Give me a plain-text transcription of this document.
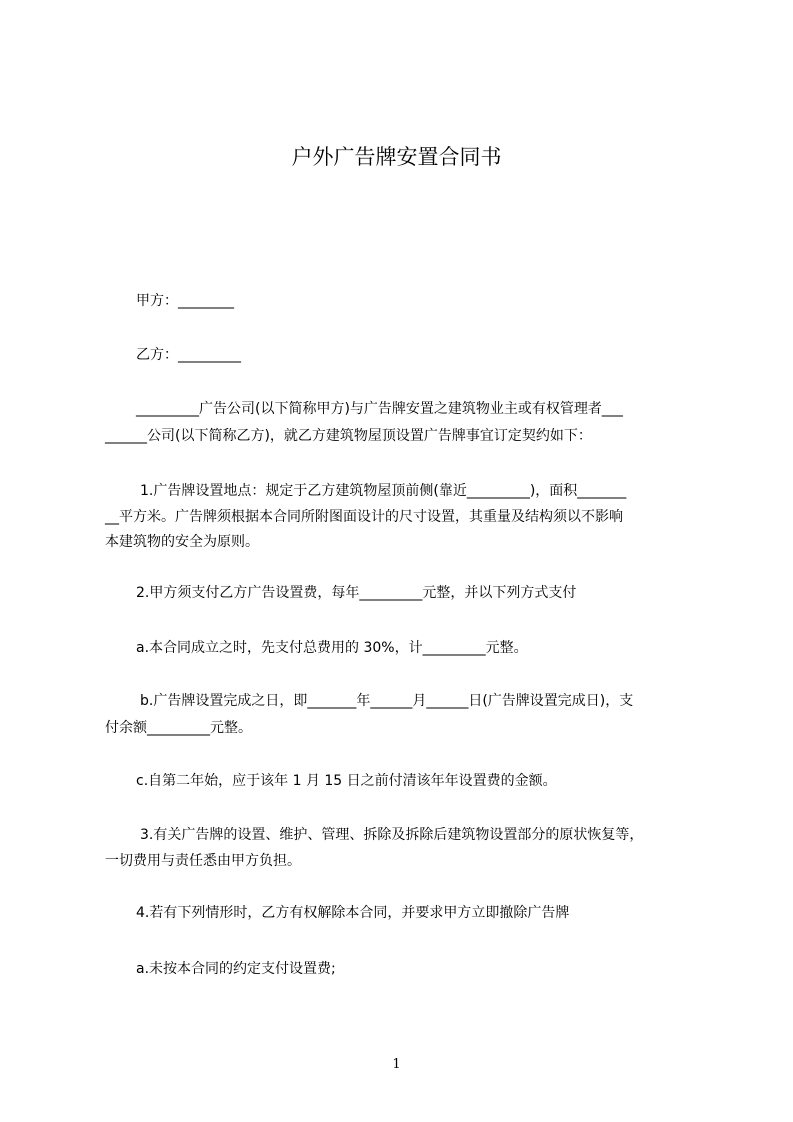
户外广告牌安置合同书
甲方：________
乙方：_________
_________广告公司(以下简称甲方)与广告牌安置之建筑物业主或有权管理者___
______公司(以下简称乙方)，就乙方建筑物屋顶设置广告牌事宜订定契约如下：
1.广告牌设置地点：规定于乙方建筑物屋顶前侧(靠近_________)，面积_______
__平方米。广告牌须根据本合同所附图面设计的尺寸设置，其重量及结构须以不影响
本建筑物的安全为原则。
2.甲方须支付乙方广告设置费，每年_________元整，并以下列方式支付
a.本合同成立之时，先支付总费用的 30%，计_________元整。
b.广告牌设置完成之日，即_______年______月______日(广告牌设置完成日)，支
付余额_________元整。
c.自第二年始，应于该年 1 月 15 日之前付清该年年设置费的金额。
3.有关广告牌的设置、维护、管理、拆除及拆除后建筑物设置部分的原状恢复等，
一切费用与责任悉由甲方负担。
4.若有下列情形时，乙方有权解除本合同，并要求甲方立即撤除广告牌
a.未按本合同的约定支付设置费;
1
